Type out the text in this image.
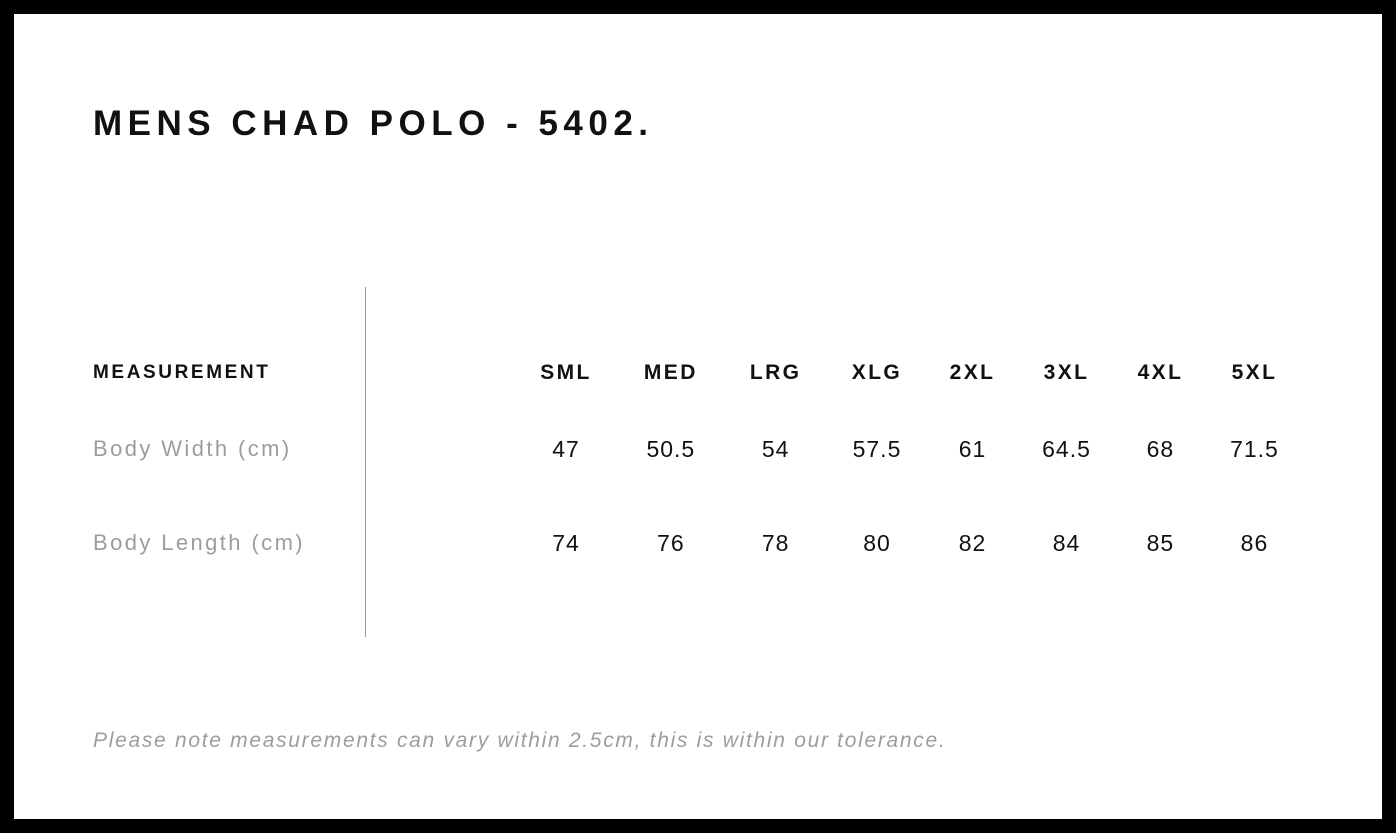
MENS CHAD POLO - 5402.
MEASUREMENT	SML	MED	LRG	XLG	2XL	3XL	4XL	5XL
Body Width (cm)	47	50.5	54	57.5	61	64.5	68	71.5
Body Length (cm)	74	76	78	80	82	84	85	86
Please note measurements can vary within 2.5cm, this is within our tolerance.
